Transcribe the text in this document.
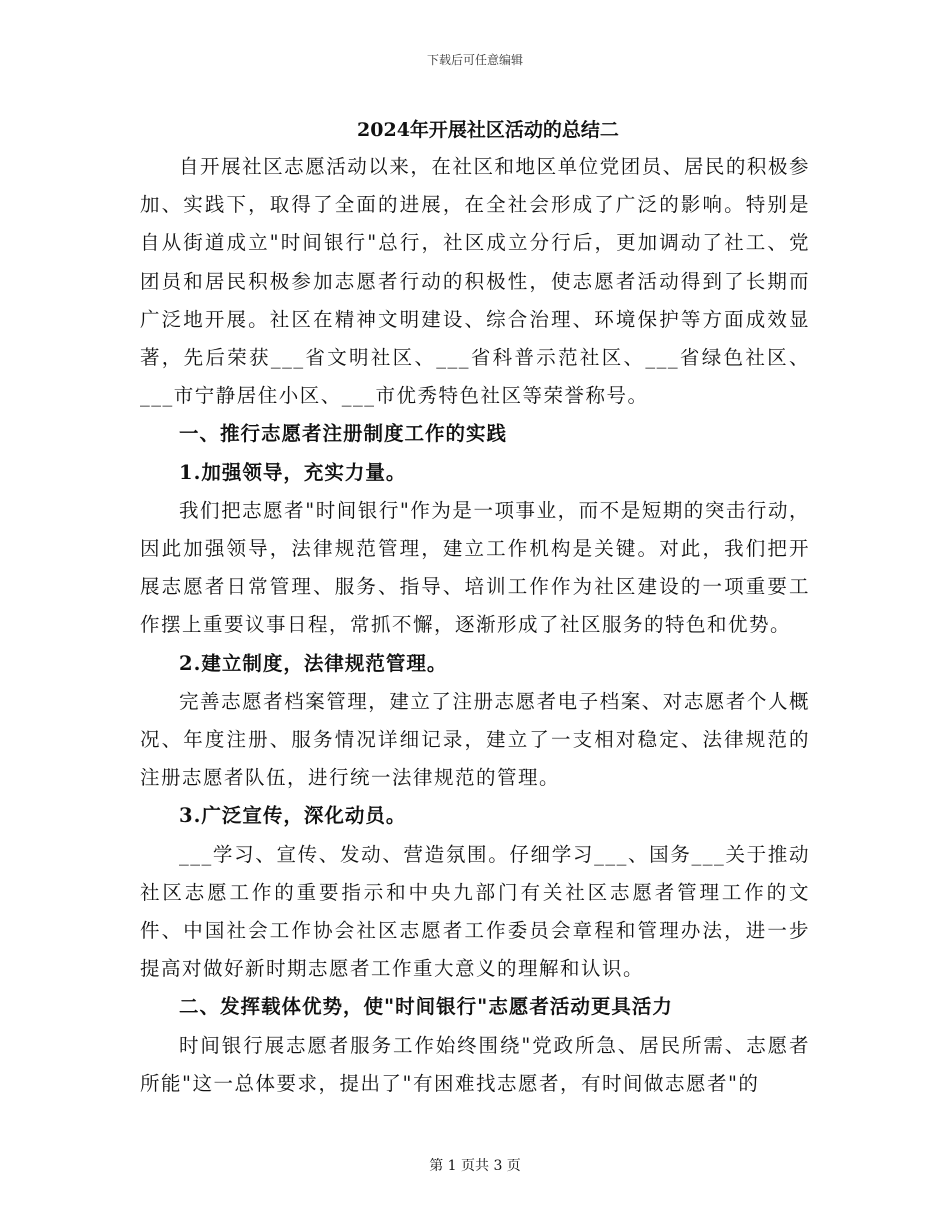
下载后可任意编辑
2024年开展社区活动的总结二

自开展社区志愿活动以来，在社区和地区单位党团员、居民的积极参加、实践下，取得了全面的进展，在全社会形成了广泛的影响。特别是自从街道成立"时间银行"总行，社区成立分行后，更加调动了社工、党团员和居民积极参加志愿者行动的积极性，使志愿者活动得到了长期而广泛地开展。社区在精神文明建设、综合治理、环境保护等方面成效显著，先后荣获___省文明社区、___省科普示范社区、___省绿色社区、___市宁静居住小区、___市优秀特色社区等荣誉称号。

一、推行志愿者注册制度工作的实践

1.加强领导，充实力量。

我们把志愿者"时间银行"作为是一项事业，而不是短期的突击行动，因此加强领导，法律规范管理，建立工作机构是关键。对此，我们把开展志愿者日常管理、服务、指导、培训工作作为社区建设的一项重要工作摆上重要议事日程，常抓不懈，逐渐形成了社区服务的特色和优势。

2.建立制度，法律规范管理。

完善志愿者档案管理，建立了注册志愿者电子档案、对志愿者个人概况、年度注册、服务情况详细记录，建立了一支相对稳定、法律规范的注册志愿者队伍，进行统一法律规范的管理。

3.广泛宣传，深化动员。

___学习、宣传、发动、营造氛围。仔细学习___、国务___关于推动社区志愿工作的重要指示和中央九部门有关社区志愿者管理工作的文件、中国社会工作协会社区志愿者工作委员会章程和管理办法，进一步提高对做好新时期志愿者工作重大意义的理解和认识。

二、发挥载体优势，使"时间银行"志愿者活动更具活力

时间银行展志愿者服务工作始终围绕"党政所急、居民所需、志愿者所能"这一总体要求，提出了"有困难找志愿者，有时间做志愿者"的

第 1 页共 3 页
